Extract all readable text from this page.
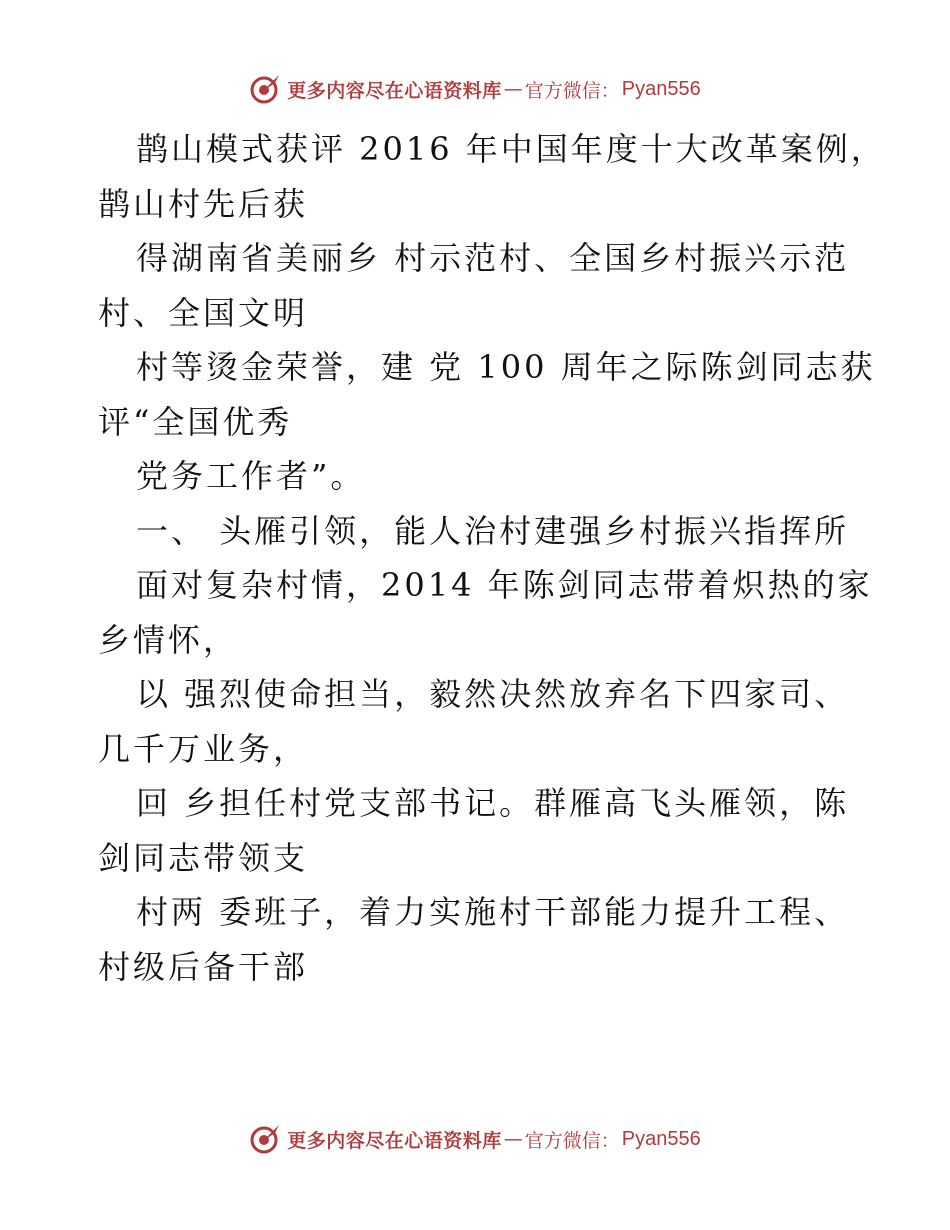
更多内容尽在心语资料库 — 官方微信： Pyan556
鹊山模式获评 2016 年中国年度十大改革案例，
鹊山村先后获
得湖南省美丽乡 村示范村、全国乡村振兴示范
村、全国文明
村等烫金荣誉，建 党 100 周年之际陈剑同志获
评“全国优秀
党务工作者”。
一、 头雁引领，能人治村建强乡村振兴指挥所
面对复杂村情，2014 年陈剑同志带着炽热的家
乡情怀，
以 强烈使命担当，毅然决然放弃名下四家司、
几千万业务，
回 乡担任村党支部书记。群雁高飞头雁领，陈
剑同志带领支
村两 委班子，着力实施村干部能力提升工程、
村级后备干部
更多内容尽在心语资料库 — 官方微信： Pyan556
